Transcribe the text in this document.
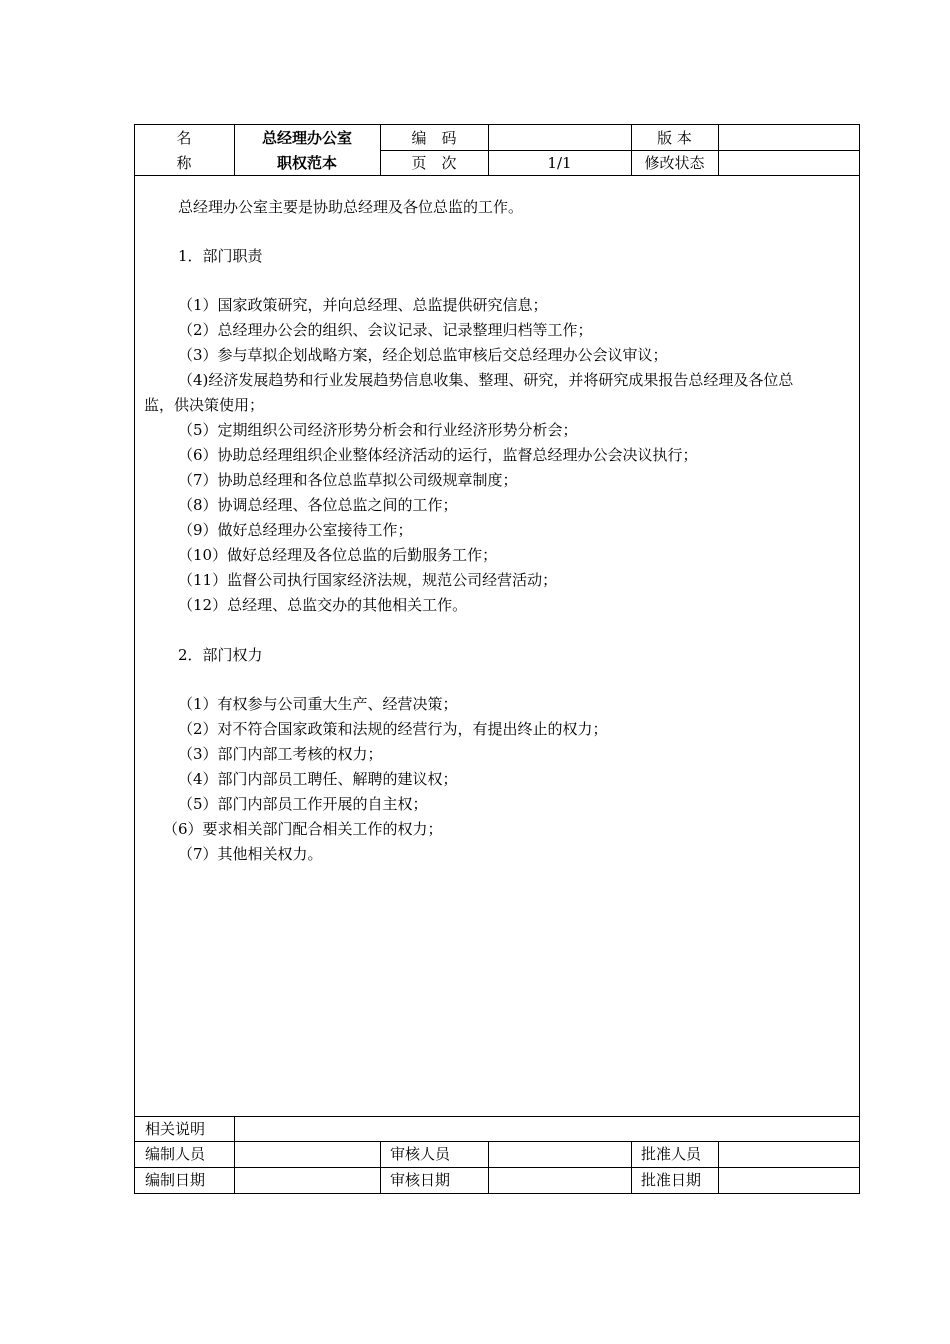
名
称
总经理办公室
职权范本
编　码	版 本
页　次	1/1	修改状态
总经理办公室主要是协助总经理及各位总监的工作。
1．部门职责
（1）国家政策研究，并向总经理、总监提供研究信息；
（2）总经理办公会的组织、会议记录、记录整理归档等工作；
（3）参与草拟企划战略方案，经企划总监审核后交总经理办公会议审议；
（4)经济发展趋势和行业发展趋势信息收集、整理、研究，并将研究成果报告总经理及各位总
监，供决策使用；
（5）定期组织公司经济形势分析会和行业经济形势分析会；
（6）协助总经理组织企业整体经济活动的运行，监督总经理办公会决议执行；
（7）协助总经理和各位总监草拟公司级规章制度；
（8）协调总经理、各位总监之间的工作；
（9）做好总经理办公室接待工作；
（10）做好总经理及各位总监的后勤服务工作；
（11）监督公司执行国家经济法规，规范公司经营活动；
（12）总经理、总监交办的其他相关工作。
2．部门权力
（1）有权参与公司重大生产、经营决策；
（2）对不符合国家政策和法规的经营行为，有提出终止的权力；
（3）部门内部工考核的权力；
（4）部门内部员工聘任、解聘的建议权；
（5）部门内部员工作开展的自主权；
（6）要求相关部门配合相关工作的权力；
（7）其他相关权力。
相关说明
编制人员	审核人员	批准人员
编制日期	审核日期	批准日期
